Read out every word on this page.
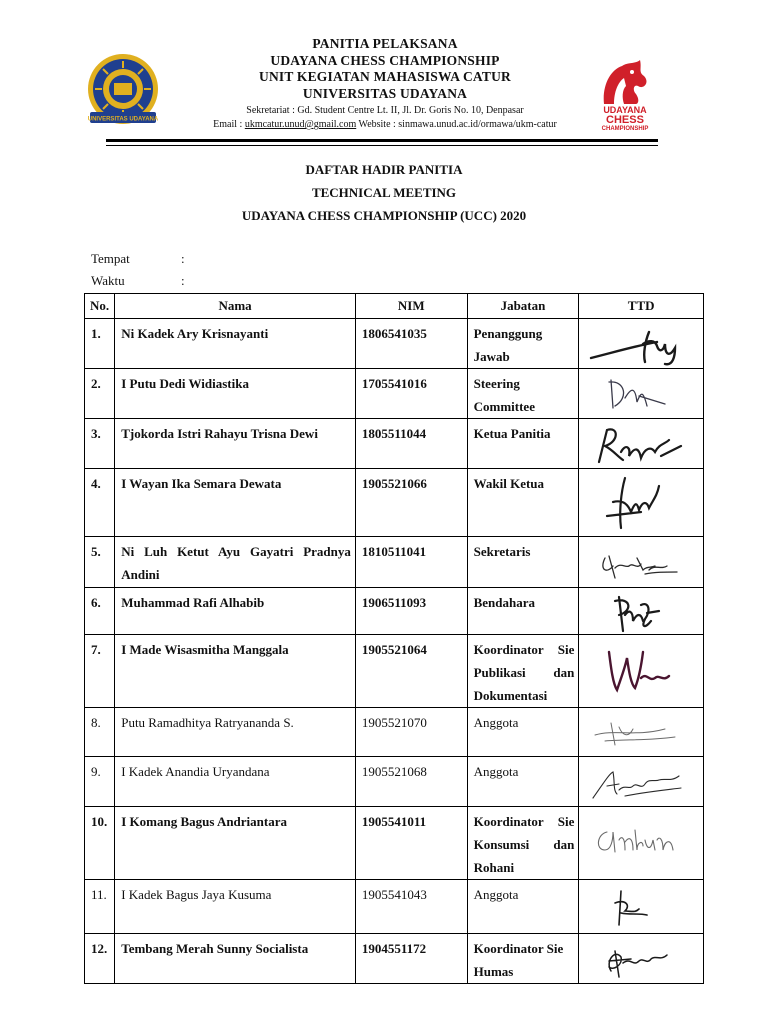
UNIVERSITAS UDAYANA
PANITIA PELAKSANA
UDAYANA CHESS CHAMPIONSHIP
UNIT KEGIATAN MAHASISWA CATUR
UNIVERSITAS UDAYANA
Sekretariat : Gd. Student Centre Lt. II, Jl. Dr. Goris No. 10, Denpasar
Email : ukmcatur.unud@gmail.com Website : sinmawa.unud.ac.id/ormawa/ukm-catur
UDAYANA
CHESS
CHAMPIONSHIP
DAFTAR HADIR PANITIA
TECHNICAL MEETING
UDAYANA CHESS CHAMPIONSHIP (UCC) 2020
Tempat	:
Waktu	:
No.	Nama	NIM	Jabatan	TTD
1.	Ni Kadek Ary Krisnayanti	1806541035	Penanggung
Jawab

2.	I Putu Dedi Widiastika	1705541016	Steering
Committee

3.	Tjokorda Istri Rahayu Trisna Dewi	1805511044	Ketua Panitia

4.	I Wayan Ika Semara Dewata	1905521066	Wakil Ketua

5.	Ni Luh Ketut Ayu Gayatri Pradnya Andini	1810511041	Sekretaris

6.	Muhammad Rafi Alhabib	1906511093	Bendahara

7.	I Made Wisasmitha Manggala	1905521064	Koordinator Sie
Publikasi dan
Dokumentasi	

8.	Putu Ramadhitya Ratryananda S.	1905521070	Anggota

9.	I Kadek Anandia Uryandana	1905521068	Anggota

10.	I Komang Bagus Andriantara	1905541011	Koordinator Sie
Konsumsi dan
Rohani	

11.	I Kadek Bagus Jaya Kusuma	1905541043	Anggota

12.	Tembang Merah Sunny Socialista	1904551172	Koordinator Sie
Humas
